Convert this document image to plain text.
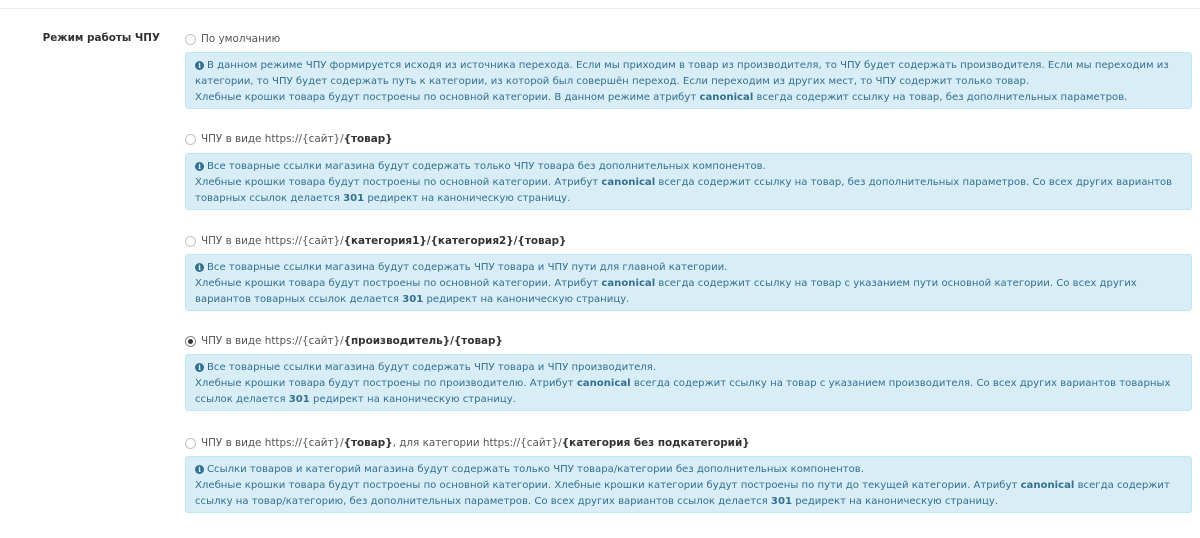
Режим работы ЧПУ	По умолчанию
i В данном режиме ЧПУ формируется исходя из источника перехода. Если мы приходим в товар из производителя, то ЧПУ будет содержать производителя. Если мы переходим из категории, то ЧПУ будет содержать путь к категории, из которой был совершён переход. Если переходим из других мест, то ЧПУ содержит только товар.
Хлебные крошки товара будут построены по основной категории. В данном режиме атрибут canonical всегда содержит ссылку на товар, без дополнительных параметров.
ЧПУ в виде https://{сайт}/{товар}
i Все товарные ссылки магазина будут содержать только ЧПУ товара без дополнительных компонентов.
Хлебные крошки товара будут построены по основной категории. Атрибут canonical всегда содержит ссылку на товар, без дополнительных параметров. Со всех других вариантов товарных ссылок делается 301 редирект на каноническую страницу.
ЧПУ в виде https://{сайт}/{категория1}/{категория2}/{товар}
i Все товарные ссылки магазина будут содержать ЧПУ товара и ЧПУ пути для главной категории.
Хлебные крошки товара будут построены по основной категории. Атрибут canonical всегда содержит ссылку на товар с указанием пути основной категории. Со всех других вариантов товарных ссылок делается 301 редирект на каноническую страницу.
ЧПУ в виде https://{сайт}/{производитель}/{товар}
i Все товарные ссылки магазина будут содержать ЧПУ товара и ЧПУ производителя.
Хлебные крошки товара будут построены по производителю. Атрибут canonical всегда содержит ссылку на товар с указанием производителя. Со всех других вариантов товарных ссылок делается 301 редирект на каноническую страницу.
ЧПУ в виде https://{сайт}/{товар}, для категории https://{сайт}/{категория без подкатегорий}
i Ссылки товаров и категорий магазина будут содержать только ЧПУ товара/категории без дополнительных компонентов.
Хлебные крошки товара будут построены по основной категории. Хлебные крошки категории будут построены по пути до текущей категории. Атрибут canonical всегда содержит ссылку на товар/категорию, без дополнительных параметров. Со всех других вариантов ссылок делается 301 редирект на каноническую страницу.
